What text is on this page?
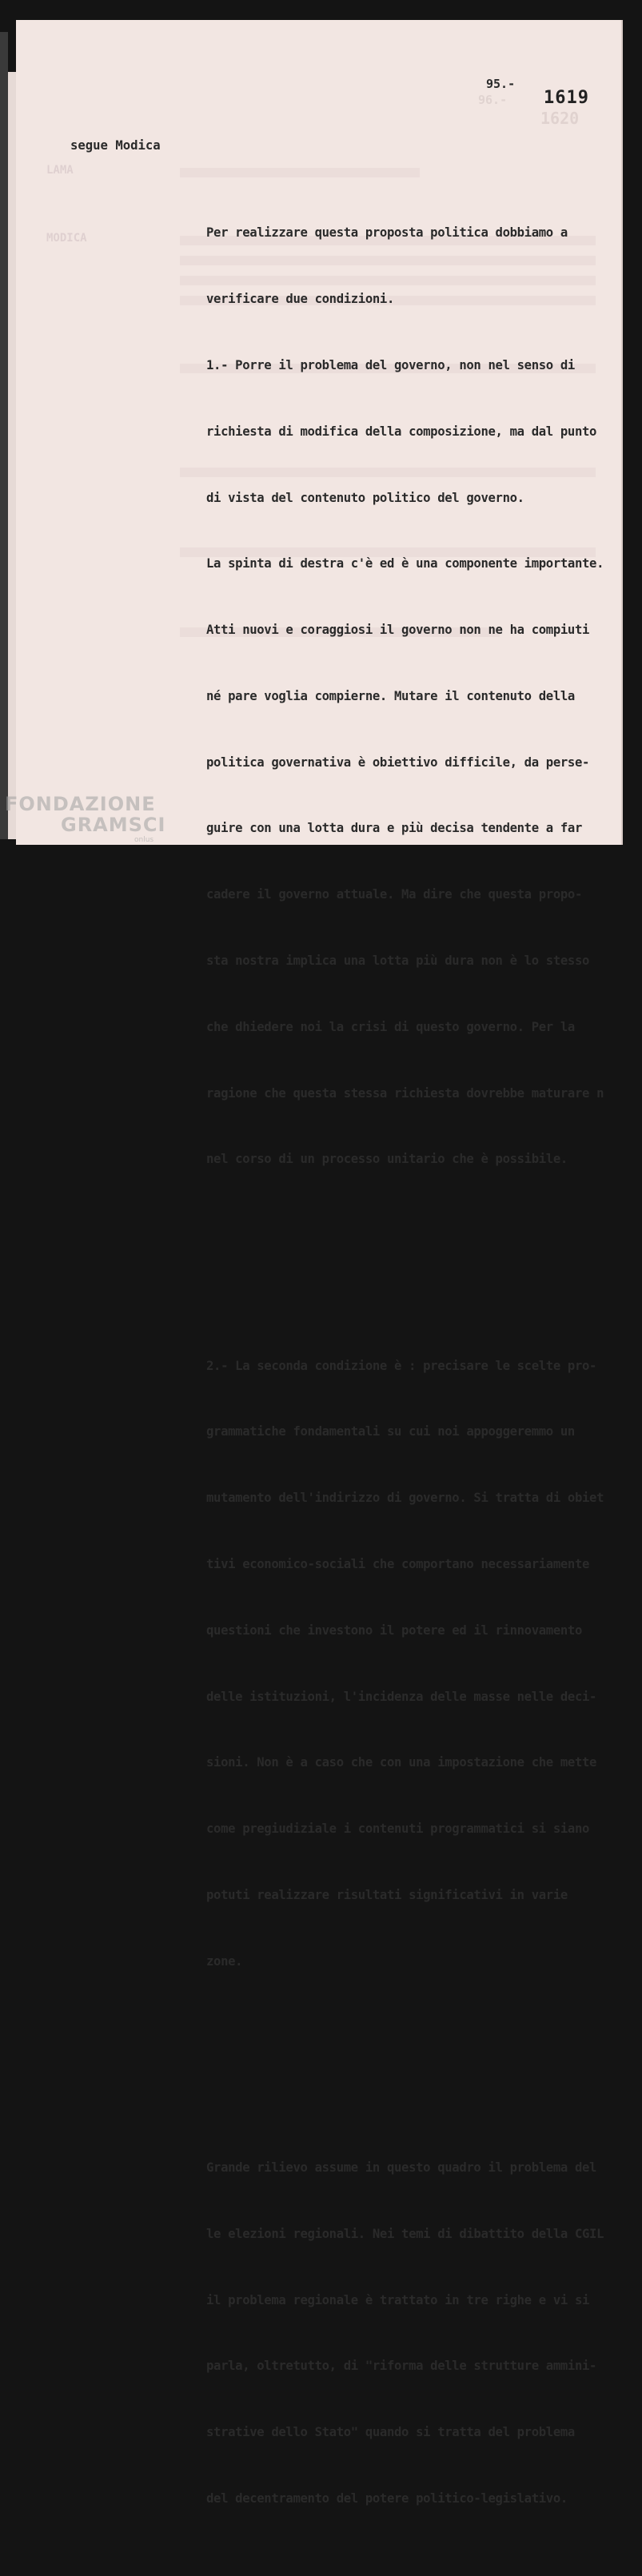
LAMA
MODICA
96.-
95.-
1620
1619
segue Modica

Per realizzare questa proposta politica dobbiamo a

verificare due condizioni.

1.- Porre il problema del governo, non nel senso di

richiesta di modifica della composizione, ma dal punto

di vista del contenuto politico del governo.

La spinta di destra c'è ed è una componente importante.

Atti nuovi e coraggiosi il governo non ne ha compiuti

né pare voglia compierne. Mutare il contenuto della

politica governativa è obiettivo difficile, da perse-

guire con una lotta dura e più decisa tendente a far

cadere il governo attuale. Ma dire che questa propo-

sta nostra implica una lotta più dura non è lo stesso

che dhiedere noi la crisi di questo governo. Per la

ragione che questa stessa richiesta dovrebbe maturare n

nel corso di un processo unitario che è possibile.

2.- La seconda condizione è : precisare le scelte pro-

grammatiche fondamentali su cui noi appoggeremmo un

mutamento dell'indirizzo di governo. Si tratta di obiet

tivi economico-sociali che comportano necessariamente

questioni che investono il potere ed il rinnovamento

delle istituzioni, l'incidenza delle masse nelle deci-

sioni. Non è a caso che con una impostazione che mette

come pregiudiziale i contenuti programmatici si siano

potuti realizzare risultati significativi in varie

zone.

Grande rilievo assume in questo quadro il problema del

le elezioni regionali. Nei temi di dibattito della CGIL

il problema regionale è trattato in tre righe e vi si

parla, oltretutto, di "riforma delle strutture ammini-

strative dello Stato" quando si tratta del problema

del decentramento del potere politico-legislativo.

FONDAZIONE
GRAMSCI
onlus
